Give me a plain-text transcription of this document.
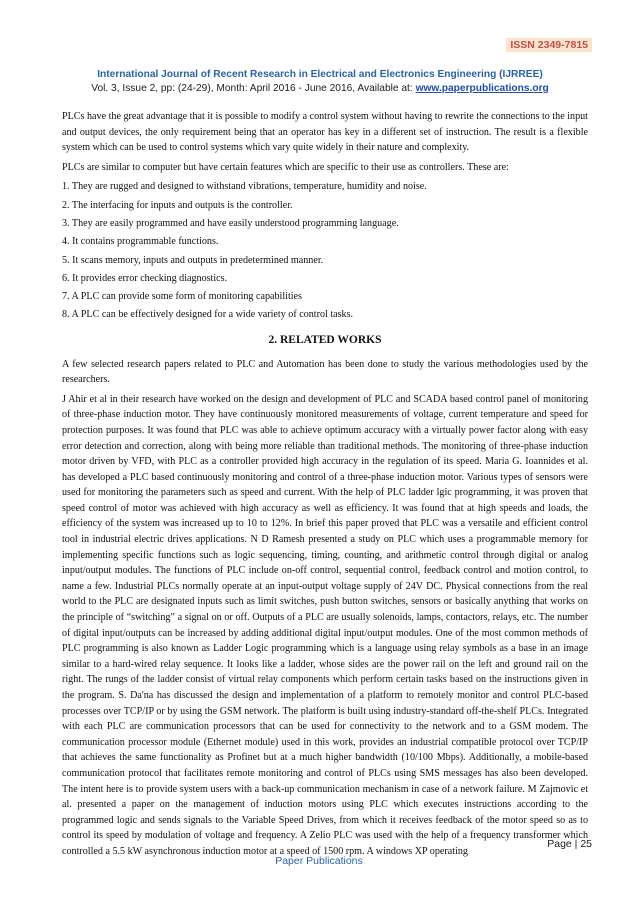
ISSN 2349-7815
International Journal of Recent Research in Electrical and Electronics Engineering (IJRREE)
Vol. 3, Issue 2, pp: (24-29), Month: April 2016 - June 2016, Available at: www.paperpublications.org

PLCs have the great advantage that it is possible to modify a control system without having to rewrite the connections to the input and output devices, the only requirement being that an operator has key in a different set of instruction. The result is a flexible system which can be used to control systems which vary quite widely in their nature and complexity.

PLCs are similar to computer but have certain features which are specific to their use as controllers. These are:

1. They are rugged and designed to withstand vibrations, temperature, humidity and noise.
2. The interfacing for inputs and outputs is the controller.
3. They are easily programmed and have easily understood programming language.
4. It contains programmable functions.
5. It scans memory, inputs and outputs in predetermined manner.
6. It provides error checking diagnostics.
7. A PLC can provide some form of monitoring capabilities
8. A PLC can be effectively designed for a wide variety of control tasks.
2. RELATED WORKS

A few selected research papers related to PLC and Automation has been done to study the various methodologies used by the researchers.

J Ahir et al in their research have worked on the design and development of PLC and SCADA based control panel of monitoring of three-phase induction motor. They have continuously monitored measurements of voltage, current temperature and speed for protection purposes. It was found that PLC was able to achieve optimum accuracy with a virtually power factor along with easy error detection and correction, along with being more reliable than traditional methods. The monitoring of three-phase induction motor driven by VFD, with PLC as a controller provided high accuracy in the regulation of its speed. Maria G. Ioannides et al. has developed a PLC based continuously monitoring and control of a three-phase induction motor. Various types of sensors were used for monitoring the parameters such as speed and current. With the help of PLC ladder lgic programming, it was proven that speed control of motor was achieved with high accuracy as well as efficiency. It was found that at high speeds and loads, the efficiency of the system was increased up to 10 to 12%. In brief this paper proved that PLC was a versatile and efficient control tool in industrial electric drives applications. N D Ramesh presented a study on PLC which uses a programmable memory for implementing specific functions such as logic sequencing, timing, counting, and arithmetic control through digital or analog input/output modules. The functions of PLC include on-off control, sequential control, feedback control and motion control, to name a few. Industrial PLCs normally operate at an input-output voltage supply of 24V DC. Physical connections from the real world to the PLC are designated inputs such as limit switches, push button switches, sensors or basically anything that works on the principle of “switching” a signal on or off. Outputs of a PLC are usually solenoids, lamps, contactors, relays, etc. The number of digital input/outputs can be increased by adding additional digital input/output modules. One of the most common methods of PLC programming is also known as Ladder Logic programming which is a language using relay symbols as a base in an image similar to a hard-wired relay sequence. It looks like a ladder, whose sides are the power rail on the left and ground rail on the right. The rungs of the ladder consist of virtual relay components which perform certain tasks based on the instructions given in the program. S. Da'na has discussed the design and implementation of a platform to remotely monitor and control PLC-based processes over TCP/IP or by using the GSM network. The platform is built using industry-standard off-the-shelf PLCs. Integrated with each PLC are communication processors that can be used for connectivity to the network and to a GSM modem. The communication processor module (Ethernet module) used in this work, provides an industrial compatible protocol over TCP/IP that achieves the same functionality as Profinet but at a much higher bandwidth (10/100 Mbps). Additionally, a mobile-based communication protocol that facilitates remote monitoring and control of PLCs using SMS messages has also been developed. The intent here is to provide system users with a back-up communication mechanism in case of a network failure. M Zajmovic et al. presented a paper on the management of induction motors using PLC which executes instructions according to the programmed logic and sends signals to the Variable Speed Drives, from which it receives feedback of the motor speed so as to control its speed by modulation of voltage and frequency. A Zelio PLC was used with the help of a frequency transformer which controlled a 5.5 kW asynchronous induction motor at a speed of 1500 rpm. A windows XP operating

Page | 25
Paper Publications
